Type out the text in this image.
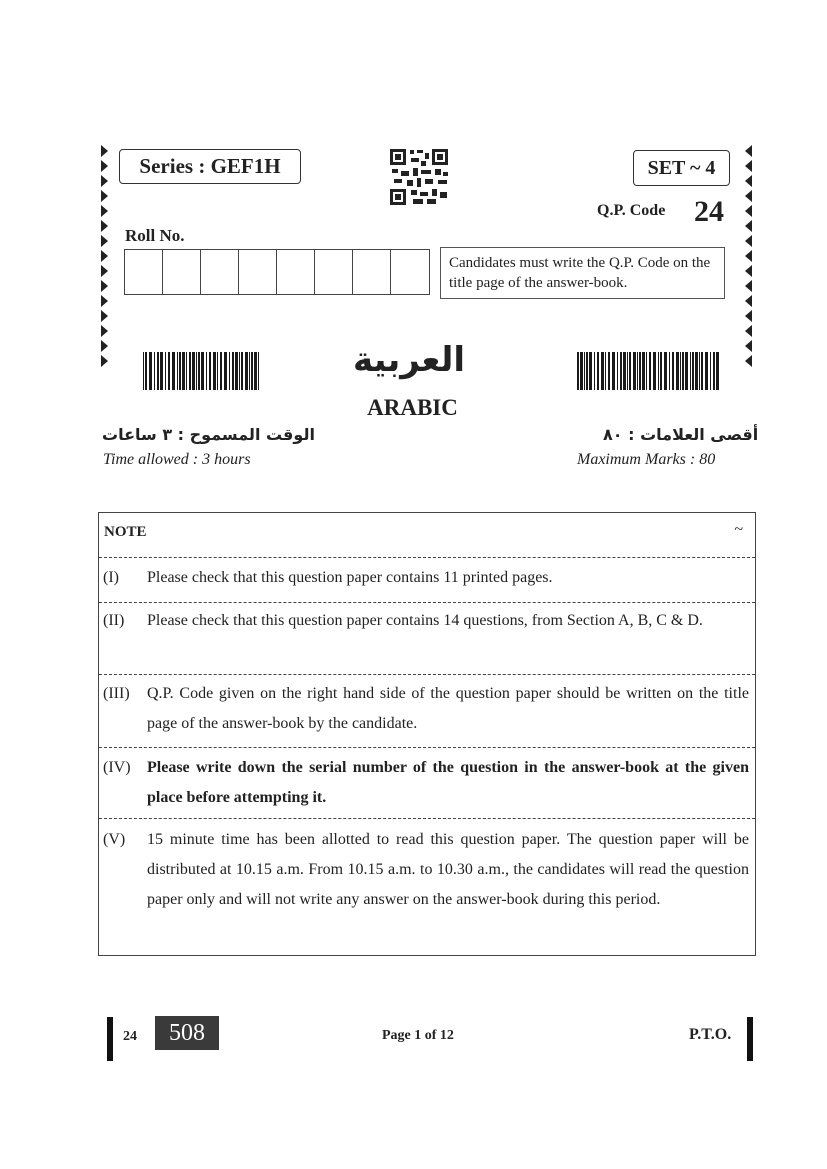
Series : GEF1H	SET ~ 4
Q.P. Code 24
Roll No.
Candidates must write the Q.P. Code on the title page of the answer-book.
العربية
ARABIC
الوقت المسموح : ٣ ساعات
Time allowed : 3 hours
أقصى العلامات : ٨٠
Maximum Marks : 80
NOTE	~
(I) Please check that this question paper contains 11 printed pages.
(II) Please check that this question paper contains 14 questions, from Section A, B, C & D.
(III) Q.P. Code given on the right hand side of the question paper should be written on the title page of the answer-book by the candidate.
(IV) Please write down the serial number of the question in the answer-book at the given place before attempting it.
(V) 15 minute time has been allotted to read this question paper. The question paper will be distributed at 10.15 a.m. From 10.15 a.m. to 10.30 a.m., the candidates will read the question paper only and will not write any answer on the answer-book during this period.
24	508	Page 1 of 12	P.T.O.
